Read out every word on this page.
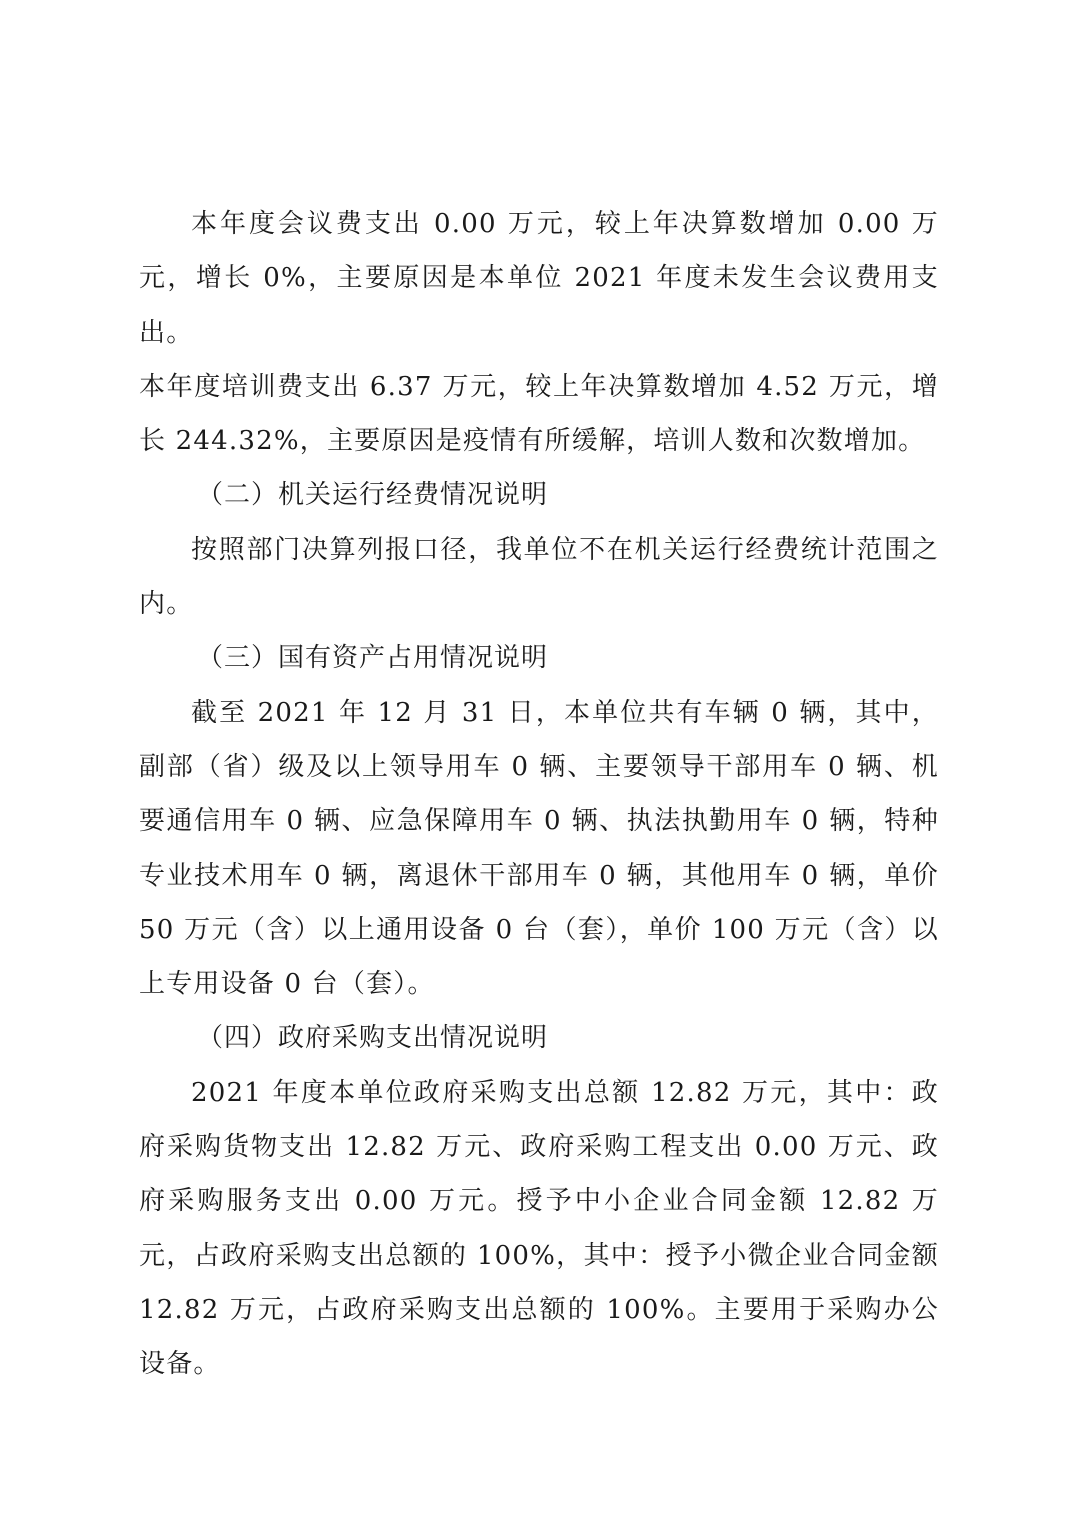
本年度会议费支出 0.00 万元，较上年决算数增加 0.00 万元，增长 0%，主要原因是本单位 2021 年度未发生会议费用支出。

本年度培训费支出 6.37 万元，较上年决算数增加 4.52 万元，增长 244.32%，主要原因是疫情有所缓解，培训人数和次数增加。

（二）机关运行经费情况说明

按照部门决算列报口径，我单位不在机关运行经费统计范围之内。

（三）国有资产占用情况说明

截至 2021 年 12 月 31 日，本单位共有车辆 0 辆，其中，副部（省）级及以上领导用车 0 辆、主要领导干部用车 0 辆、机要通信用车 0 辆、应急保障用车 0 辆、执法执勤用车 0 辆，特种专业技术用车 0 辆，离退休干部用车 0 辆，其他用车 0 辆，单价 50 万元（含）以上通用设备 0 台（套），单价 100 万元（含）以上专用设备 0 台（套）。

（四）政府采购支出情况说明

2021 年度本单位政府采购支出总额 12.82 万元，其中：政府采购货物支出 12.82 万元、政府采购工程支出 0.00 万元、政府采购服务支出 0.00 万元。授予中小企业合同金额 12.82 万元，占政府采购支出总额的 100%，其中：授予小微企业合同金额 12.82 万元，占政府采购支出总额的 100%。主要用于采购办公设备。
